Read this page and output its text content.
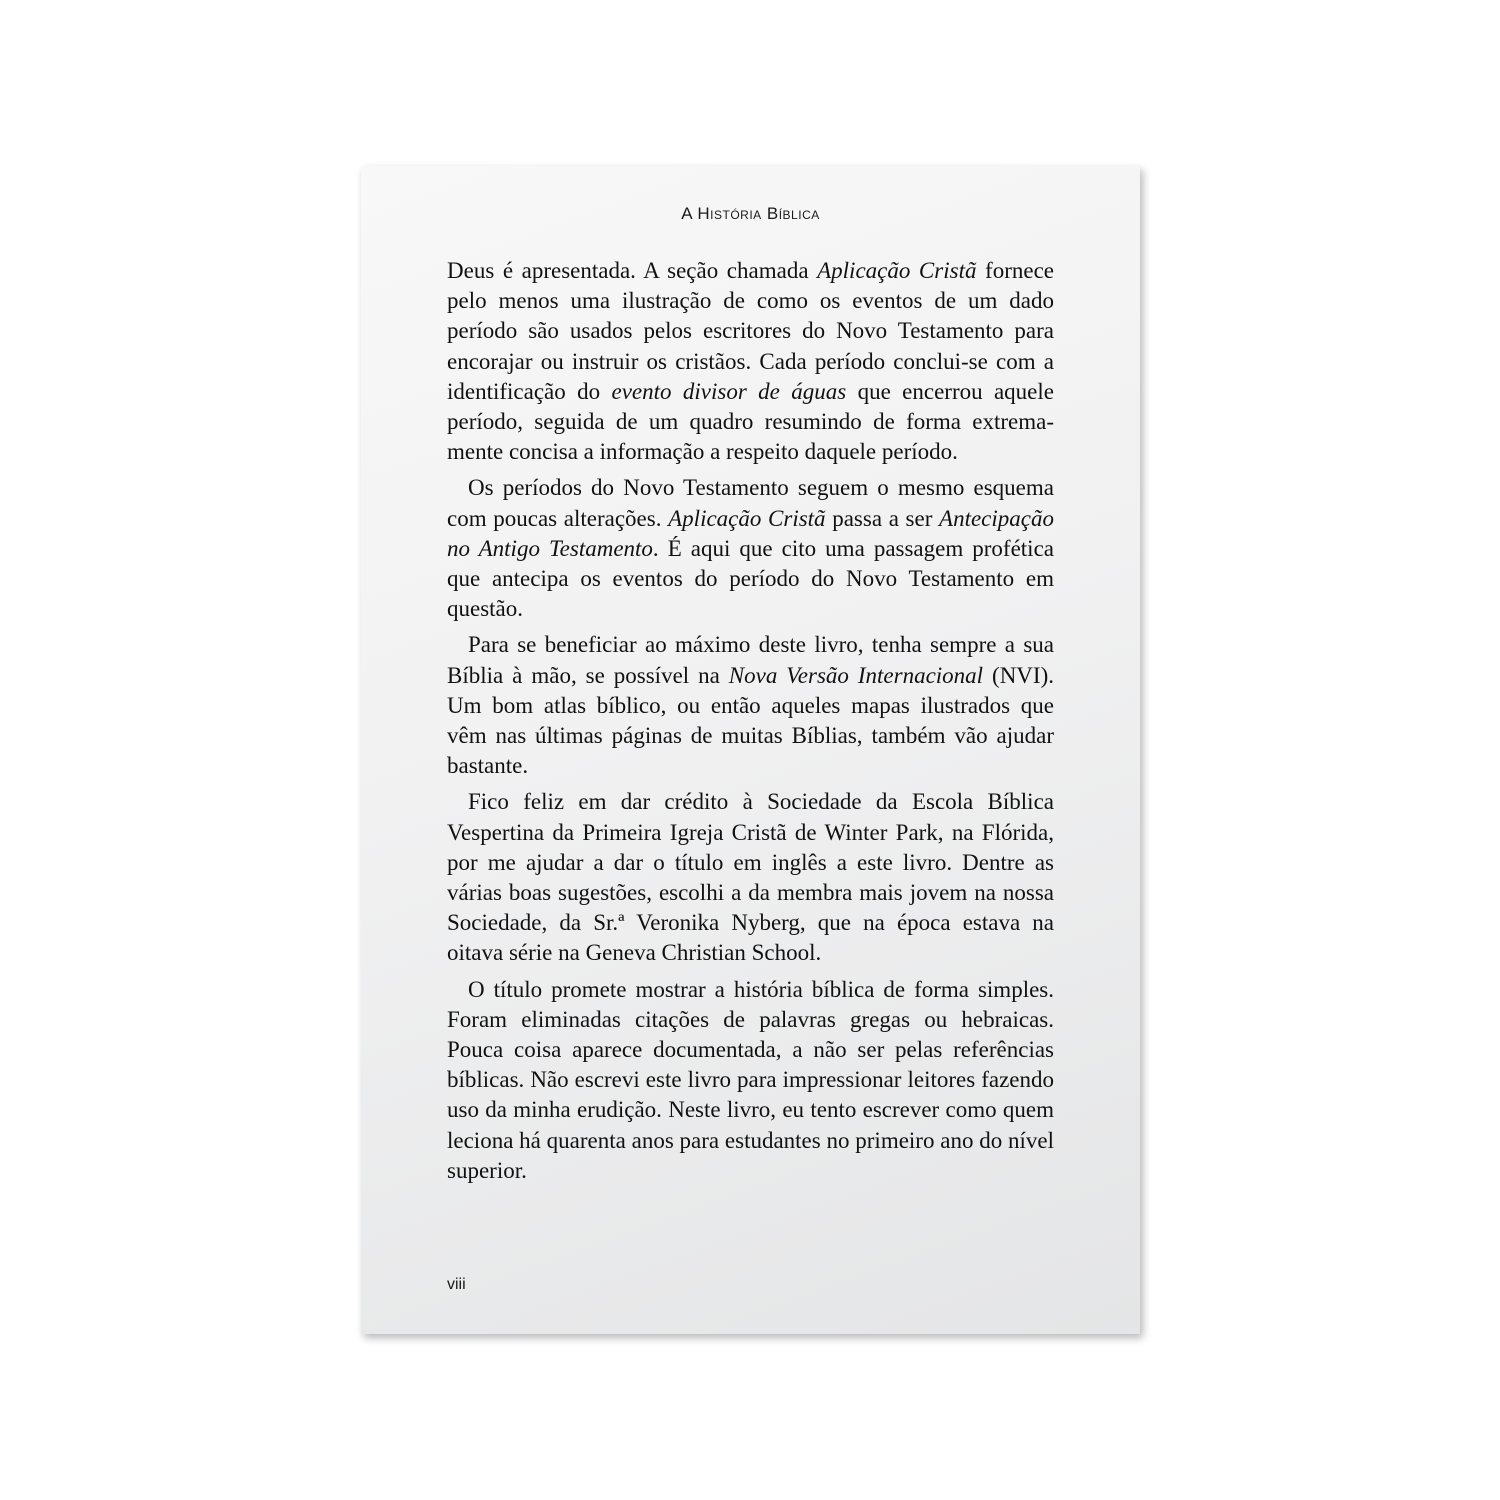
A História Bíblica

Deus é apresentada. A seção chamada Aplicação Cristã fornece pelo menos uma ilustração de como os eventos de um dado período são usados pelos escritores do Novo Testamento para encorajar ou instruir os cristãos. Cada período conclui-se com a identificação do evento divisor de águas que encerrou aquele período, seguida de um quadro resumindo de forma extrema-mente concisa a informação a respeito daquele período.

Os períodos do Novo Testamento seguem o mesmo esquema com poucas alterações. Aplicação Cristã passa a ser Antecipação no Antigo Testamento. É aqui que cito uma passagem profética que antecipa os eventos do período do Novo Testamento em questão.

Para se beneficiar ao máximo deste livro, tenha sempre a sua Bíblia à mão, se possível na Nova Versão Internacional (NVI). Um bom atlas bíblico, ou então aqueles mapas ilustrados que vêm nas últimas páginas de muitas Bíblias, também vão ajudar bastante.

Fico feliz em dar crédito à Sociedade da Escola Bíblica Vespertina da Primeira Igreja Cristã de Winter Park, na Flórida, por me ajudar a dar o título em inglês a este livro. Dentre as várias boas sugestões, escolhi a da membra mais jovem na nossa Sociedade, da Sr.ª Veronika Nyberg, que na época estava na oitava série na Geneva Christian School.

O título promete mostrar a história bíblica de forma simples. Foram eliminadas citações de palavras gregas ou hebraicas. Pouca coisa aparece documentada, a não ser pelas referências bíblicas. Não escrevi este livro para impressionar leitores fazendo uso da minha erudição. Neste livro, eu tento escrever como quem leciona há quarenta anos para estudantes no primeiro ano do nível superior.

viii
